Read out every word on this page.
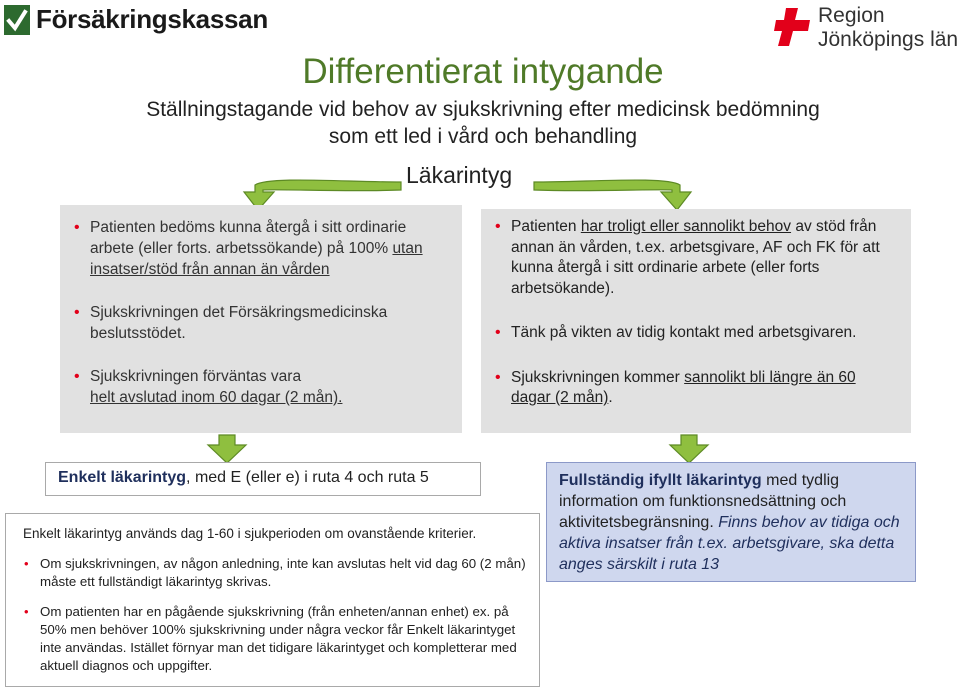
Försäkringskassan	Region
Jönköpings län
Differentierat intygande
Ställningstagande vid behov av sjukskrivning efter medicinsk bedömning
som ett led i vård och behandling
Läkarintyg
• Patienten bedöms kunna återgå i sitt ordinarie arbete (eller forts. arbetssökande) på 100% utan insatser/stöd från annan än vården
• Sjukskrivningen det Försäkringsmedicinska beslutsstödet.
• Sjukskrivningen förväntas vara
helt avslutad inom 60 dagar (2 mån).
• Patienten har troligt eller sannolikt behov av stöd från annan än vården, t.ex. arbetsgivare, AF och FK för att kunna återgå i sitt ordinarie arbete (eller forts arbetsökande).
• Tänk på vikten av tidig kontakt med arbetsgivaren.
• Sjukskrivningen kommer sannolikt bli längre än 60 dagar (2 mån).
Enkelt läkarintyg, med E (eller e) i ruta 4 och ruta 5
Enkelt läkarintyg används dag 1-60 i sjukperioden om ovanstående kriterier.
• Om sjukskrivningen, av någon anledning, inte kan avslutas helt vid dag 60 (2 mån) måste ett fullständigt läkarintyg skrivas.
• Om patienten har en pågående sjukskrivning (från enheten/annan enhet) ex. på 50% men behöver 100% sjukskrivning under några veckor får Enkelt läkarintyget inte användas. Istället förnyar man det tidigare läkarintyget och kompletterar med aktuell diagnos och uppgifter.
Fullständig ifyllt läkarintyg med tydlig information om funktionsnedsättning och aktivitetsbegränsning. Finns behov av tidiga och aktiva insatser från t.ex. arbetsgivare, ska detta anges särskilt i ruta 13
